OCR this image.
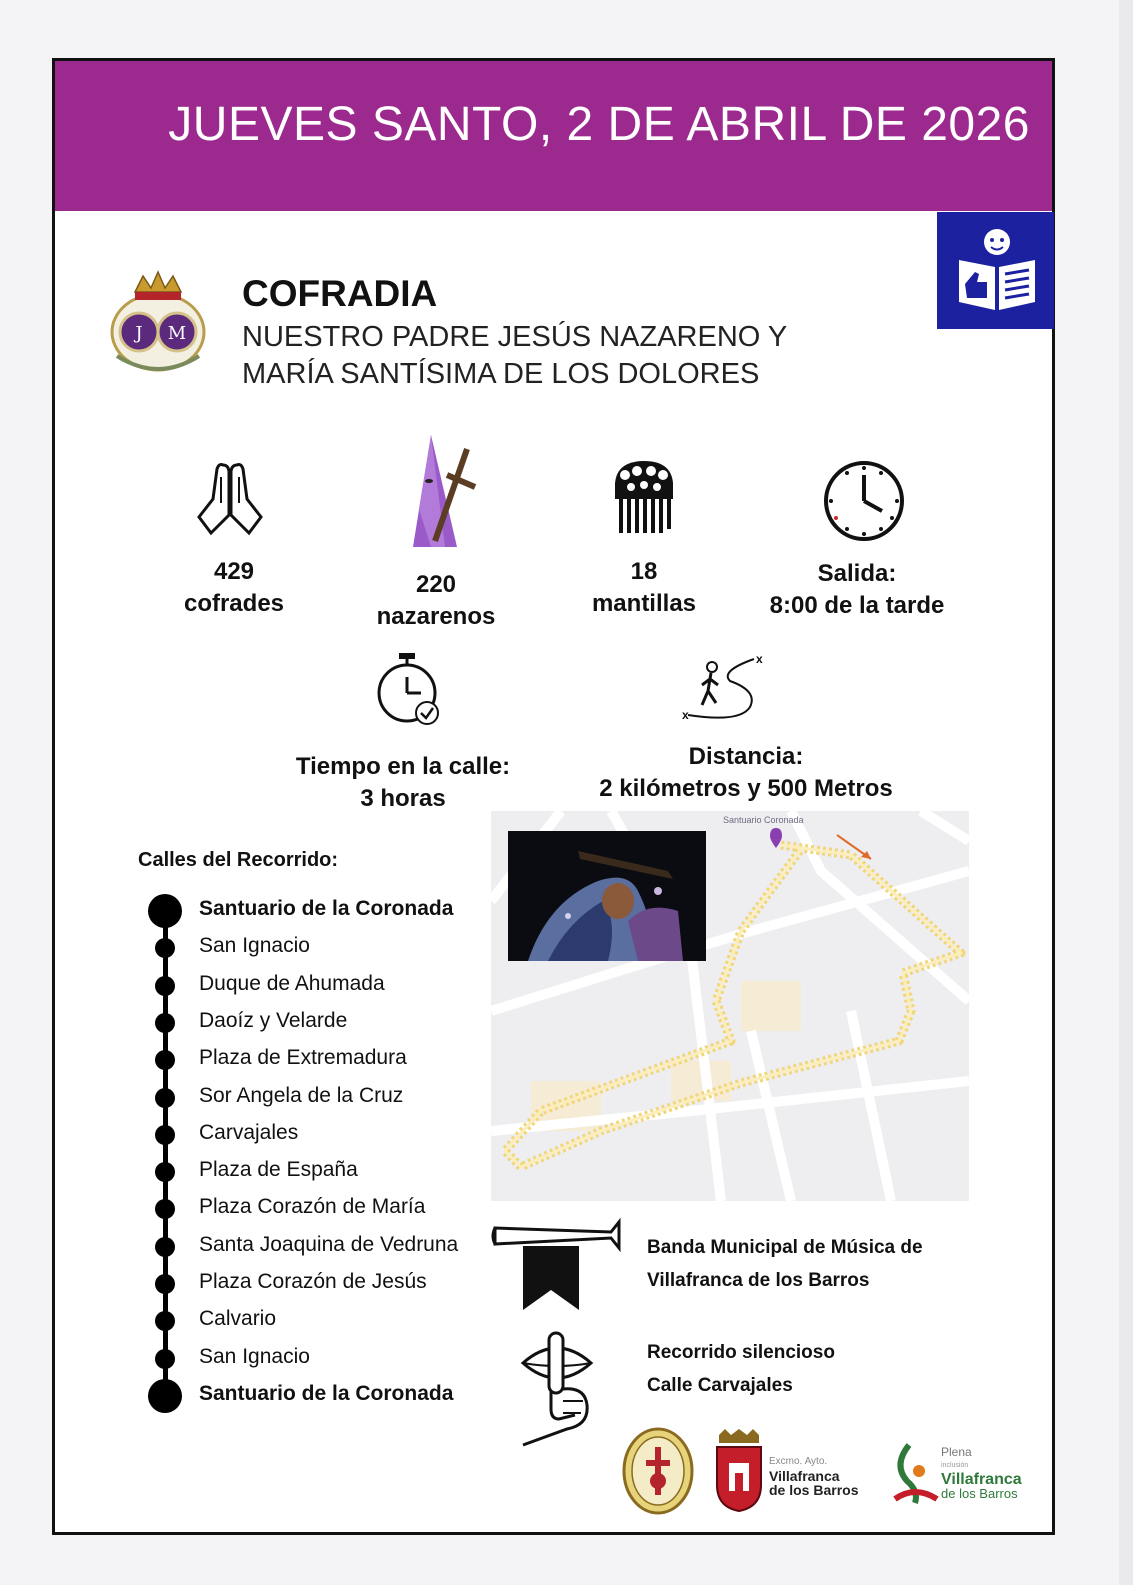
JUEVES SANTO, 2 DE ABRIL DE 2026
J M
COFRADIA
NUESTRO PADRE JESÚS NAZARENO Y
MARÍA SANTÍSIMA DE LOS DOLORES
429
cofrades
220
nazarenos
18
mantillas
Salida:
8:00 de la tarde
x
x
Tiempo en la calle:
3 horas
Distancia:
2 kilómetros y 500 Metros
Calles del Recorrido:
Santuario de la Coronada
San Ignacio
Duque de Ahumada
Daoíz y Velarde
Plaza de Extremadura
Sor Angela de la Cruz
Carvajales
Plaza de España
Plaza Corazón de María
Santa Joaquina de Vedruna
Plaza Corazón de Jesús
Calvario
San Ignacio
Santuario de la Coronada
Santuario Coronada
Banda Municipal de Música de
Villafranca de los Barros
Recorrido silencioso
Calle Carvajales
Excmo. Ayto.
Villafranca
de los Barros
Plena
inclusión
Villafranca
de los Barros
